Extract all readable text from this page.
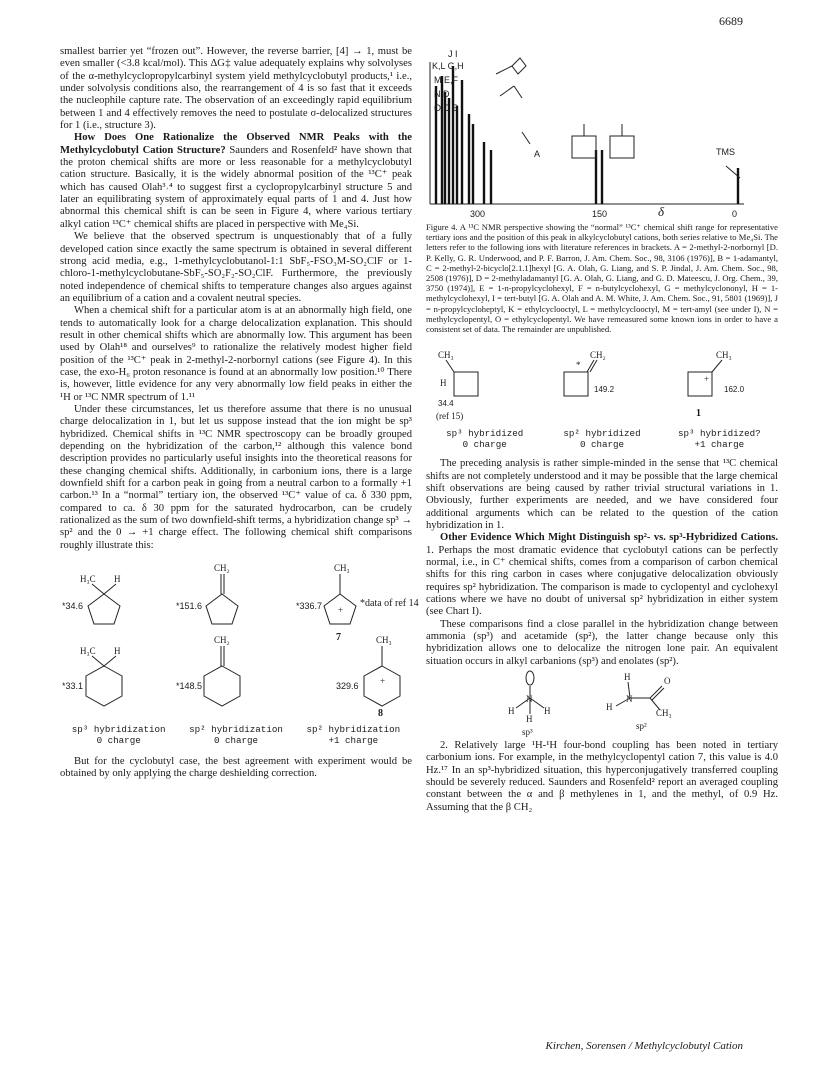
6689

smallest barrier yet “frozen out”. However, the reverse barrier, [4] → 1, must be even smaller (<3.8 kcal/mol). This ΔG‡ value adequately explains why solvolyses of the α-methylcyclopropylcarbinyl system yield methylcyclobutyl products,¹ i.e., under solvolysis conditions also, the rearrangement of 4 is so fast that it exceeds the nucleophile capture rate. The observation of an exceedingly rapid equilibrium between 1 and 4 effectively removes the need to postulate σ-delocalized structures for 1 (i.e., structure 3).

How Does One Rationalize the Observed NMR Peaks with the Methylcyclobutyl Cation Structure? Saunders and Rosenfeld² have shown that the proton chemical shifts are more or less reasonable for a methylcyclobutyl cation structure. Basically, it is the widely abnormal position of the ¹³C⁺ peak which has caused Olah³˒⁴ to suggest first a cyclopropylcarbinyl structure 5 and later an equilibrating system of approximately equal parts of 1 and 4. Just how abnormal this chemical shift is can be seen in Figure 4, where various tertiary alkyl cation ¹³C⁺ chemical shifts are placed in perspective with Me₄Si.

We believe that the observed spectrum is unquestionably that of a fully developed cation since exactly the same spectrum is obtained in several different strong acid media, e.g., 1-methylcyclobutanol-1:1 SbF₅-FSO₃M-SO₂ClF or 1-chloro-1-methylcyclobutane-SbF₅-SO₂F₂-SO₂ClF. Furthermore, the previously noted independence of chemical shifts to temperature changes also argues against an equilibrium of a cation and a covalent neutral species.

When a chemical shift for a particular atom is at an abnormally high field, one tends to automatically look for a charge delocalization explanation. This should result in other chemical shifts which are abnormally low. This argument has been used by Olah¹⁸ and ourselves⁹ to rationalize the relatively modest higher field position of the ¹³C⁺ peak in 2-methyl-2-norbornyl cations (see Figure 4). In this case, the exo-H₆ proton resonance is found at an abnormally low position.¹⁰ There is, however, little evidence for any very abnormally low field peaks in either the ¹H or ¹³C NMR spectrum of 1.¹¹

Under these circumstances, let us therefore assume that there is no unusual charge delocalization in 1, but let us suppose instead that the ion might be sp³ hybridized. Chemical shifts in ¹³C NMR spectroscopy can be broadly grouped depending on the hybridization of the carbon,¹² although this valence bond description provides no particularly useful insights into the theoretical reasons for these changing chemical shifts. Additionally, in carbonium ions, there is a large downfield shift for a carbon peak in going from a neutral carbon to a formally +1 carbon.¹³ In a “normal” tertiary ion, the observed ¹³C⁺ value of ca. δ 330 ppm, compared to ca. δ 30 ppm for the saturated hydrocarbon, can be crudely rationalized as the sum of two downfield-shift terms, a hybridization change sp³ → sp² and the 0 → +1 charge effect. The following chemical shift comparisons roughly illustrate this:

H₃C H
CH₂	CH₃
+
H₃C H
CH₂	CH₃
+
*34.6	*151.6	*336.7	*data of ref 14
7
*33.1	*148.5	329.6
8
sp³ hybridization
0 charge
sp² hybridization
0 charge
sp² hybridization
+1 charge

But for the cyclobutyl case, the best agreement with experiment would be obtained by only applying the charge deshielding correction.

J I
K,L G,H
M E,F
N D
O C B
A	TMS
300	150	δ	0

Figure 4. A ¹³C NMR perspective showing the “normal” ¹³C⁺ chemical shift range for representative tertiary ions and the position of this peak in alkylcyclobutyl cations, both series relative to Me₄Si. The letters refer to the following ions with literature references in brackets. A = 2-methyl-2-norbornyl [D. P. Kelly, G. R. Underwood, and P. F. Barron, J. Am. Chem. Soc., 98, 3106 (1976)], B = 1-adamantyl, C = 2-methyl-2-bicyclo[2.1.1]hexyl [G. A. Olah, G. Liang, and S. P. Jindal, J. Am. Chem. Soc., 98, 2508 (1976)], D = 2-methyladamantyl [G. A. Olah, G. Liang, and G. D. Mateescu, J. Org. Chem., 39, 3750 (1974)], E = 1-n-propylcyclohexyl, F = n-butylcyclohexyl, G = methylcyclononyl, H = 1-methylcyclohexyl, I = tert-butyl [G. A. Olah and A. M. White, J. Am. Chem. Soc., 91, 5801 (1969)], J = n-propylcycloheptyl, K = ethylcyclooctyl, L = methylcyclooctyl, M = tert-amyl (see under I), N = methylcyclopentyl, O = ethylcyclopentyl. We have remeasured some known ions in order to have a consistent set of data. The remainder are unpublished.

CH₃
H
CH₂
*
CH₃
+
34.4
(ref 15)
149.2	162.0
1
sp³ hybridized
0 charge
sp² hybridized
0 charge
sp³ hybridized?
+1 charge

The preceding analysis is rather simple-minded in the sense that ¹³C chemical shifts are not completely understood and it may be possible that the large chemical shift observations are being caused by rather trivial structural variations in 1. Obviously, further experiments are needed, and we have considered four additional arguments which can be related to the question of the cation hybridization in 1.

Other Evidence Which Might Distinguish sp²- vs. sp³-Hybridized Cations. 1. Perhaps the most dramatic evidence that cyclobutyl cations can be perfectly normal, i.e., in C⁺ chemical shifts, comes from a comparison of carbon chemical shifts for this ring carbon in cases where conjugative delocalization obviously requires sp² hybridization. The comparison is made to cyclopentyl and cyclohexyl cations where we have no doubt of universal sp² hybridization in either system (see Chart I).

These comparisons find a close parallel in the hybridization change between ammonia (sp³) and acetamide (sp²), the latter change because only this hybridization allows one to delocalize the nitrogen lone pair. An equivalent situation occurs in alkyl carbanions (sp³) and enolates (sp²).

N
H	H
H
H
N
H
O
CH₃
sp³
sp²

2. Relatively large ¹H-¹H four-bond coupling has been noted in tertiary carbonium ions. For example, in the methylcyclopentyl cation 7, this value is 4.0 Hz.¹⁷ In an sp³-hybridized situation, this hyperconjugatively transferred coupling should be severely reduced. Saunders and Rosenfeld² report an averaged coupling constant between the α and β methylenes in 1, and the methyl, of 0.9 Hz. Assuming that the β CH₂

Kirchen, Sorensen / Methylcyclobutyl Cation
